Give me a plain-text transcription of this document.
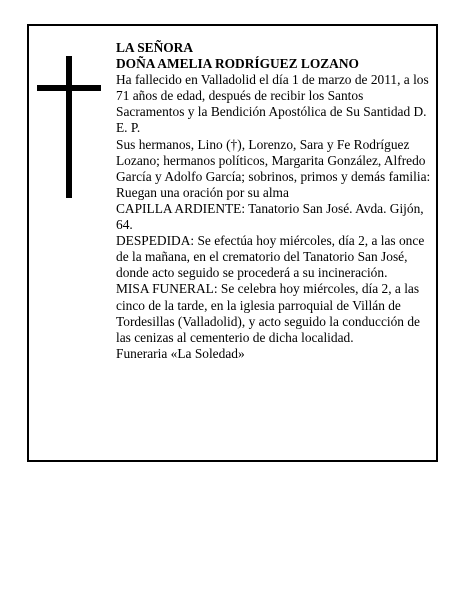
LA SEÑORA

DOÑA AMELIA RODRÍGUEZ LOZANO

Ha fallecido en Valladolid el día 1 de marzo de 2011, a los 71 años de edad, después de recibir los Santos Sacramentos y la Bendición Apostólica de Su Santidad D. E. P.

Sus hermanos, Lino (†), Lorenzo, Sara y Fe Rodríguez Lozano; hermanos políticos, Margarita González, Alfredo García y Adolfo García; sobrinos, primos y demás familia:

Ruegan una oración por su alma

CAPILLA ARDIENTE: Tanatorio San José. Avda. Gijón, 64.

DESPEDIDA: Se efectúa hoy miércoles, día 2, a las once de la mañana, en el crematorio del Tanatorio San José, donde acto seguido se procederá a su incineración.

MISA FUNERAL: Se celebra hoy miércoles, día 2, a las cinco de la tarde, en la iglesia parroquial de Villán de Tordesillas (Valladolid), y acto seguido la conducción de las cenizas al cementerio de dicha localidad.

Funeraria «La Soledad»
